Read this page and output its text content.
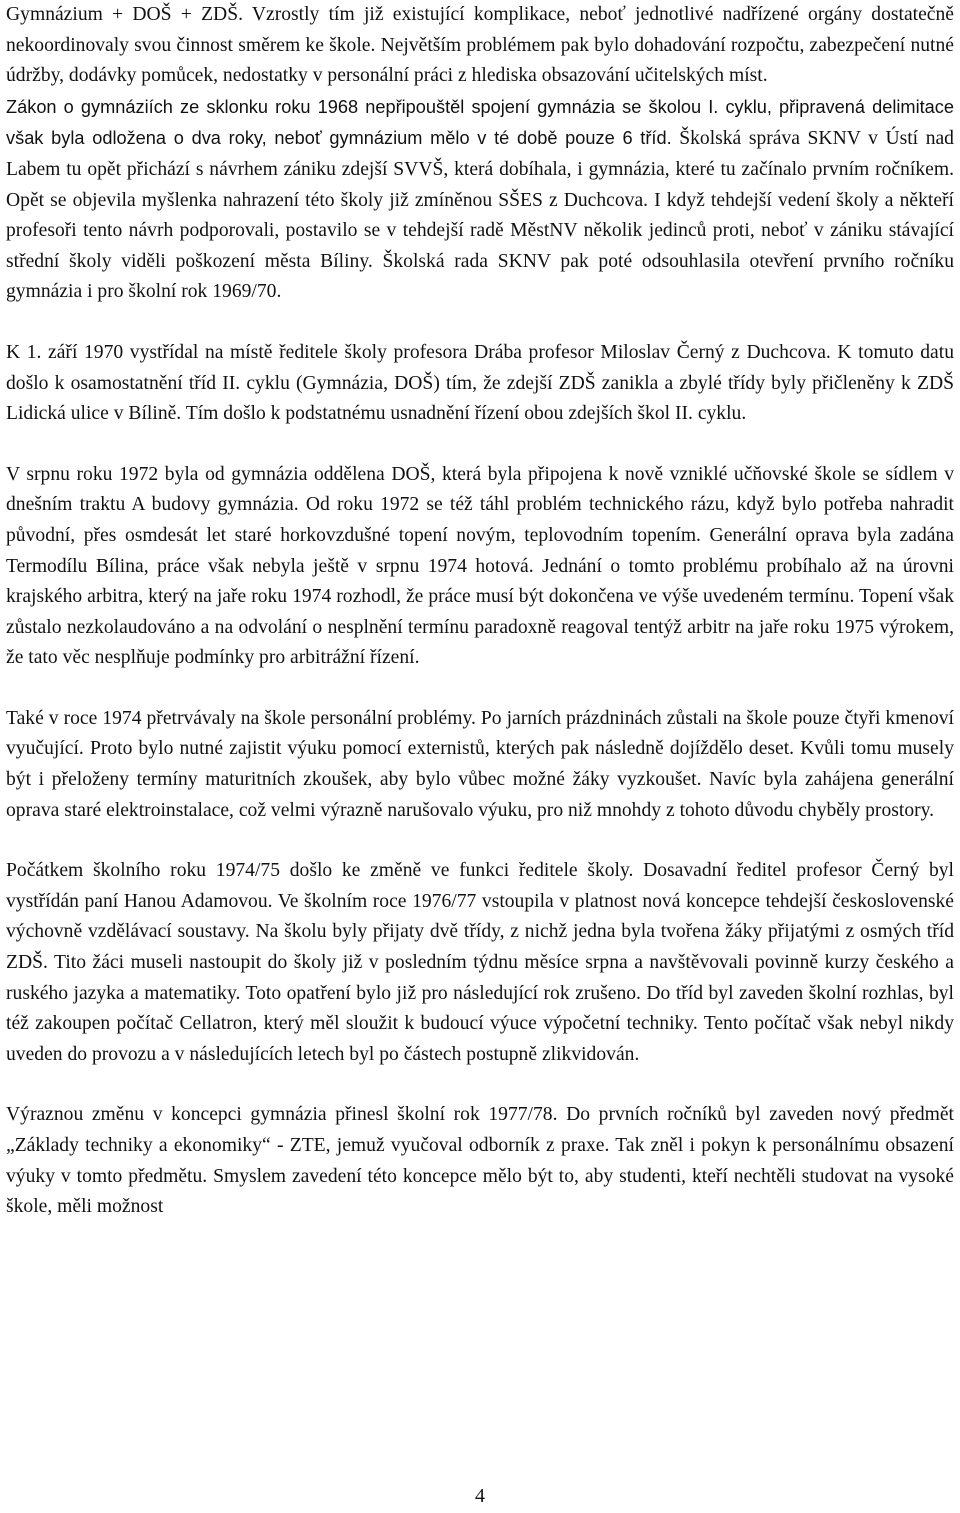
Gymnázium + DOŠ + ZDŠ. Vzrostly tím již existující komplikace, neboť jednotlivé nadřízené orgány dostatečně nekoordinovaly svou činnost směrem ke škole. Největším problémem pak bylo dohadování rozpočtu, zabezpečení nutné údržby, dodávky pomůcek, nedostatky v personální práci z hlediska obsazování učitelských míst.
Zákon o gymnáziích ze sklonku roku 1968 nepřipouštěl spojení gymnázia se školou I. cyklu, připravená delimitace však byla odložena o dva roky, neboť gymnázium mělo v té době pouze 6 tříd. Školská správa SKNV v Ústí nad Labem tu opět přichází s návrhem zániku zdejší SVVŠ, která dobíhala, i gymnázia, které tu začínalo prvním ročníkem. Opět se objevila myšlenka nahrazení této školy již zmíněnou SŠES z Duchcova. I když tehdejší vedení školy a někteří profesoři tento návrh podporovali, postavilo se v tehdejší radě MěstNV několik jedinců proti, neboť v zániku stávající střední školy viděli poškození města Bíliny. Školská rada SKNV pak poté odsouhlasila otevření prvního ročníku gymnázia i pro školní rok 1969/70.

K 1. září 1970 vystřídal na místě ředitele školy profesora Drába profesor Miloslav Černý z Duchcova. K tomuto datu došlo k osamostatnění tříd II. cyklu (Gymnázia, DOŠ) tím, že zdejší ZDŠ zanikla a zbylé třídy byly přičleněny k ZDŠ Lidická ulice v Bílině. Tím došlo k podstatnému usnadnění řízení obou zdejších škol II. cyklu.

V srpnu roku 1972 byla od gymnázia oddělena DOŠ, která byla připojena k nově vzniklé učňovské škole se sídlem v dnešním traktu A budovy gymnázia. Od roku 1972 se též táhl problém technického rázu, když bylo potřeba nahradit původní, přes osmdesát let staré horkovzdušné topení novým, teplovodním topením. Generální oprava byla zadána Termodílu Bílina, práce však nebyla ještě v srpnu 1974 hotová. Jednání o tomto problému probíhalo až na úrovni krajského arbitra, který na jaře roku 1974 rozhodl, že práce musí být dokončena ve výše uvedeném termínu. Topení však zůstalo nezkolaudováno a na odvolání o nesplnění termínu paradoxně reagoval tentýž arbitr na jaře roku 1975 výrokem, že tato věc nesplňuje podmínky pro arbitrážní řízení.

Také v roce 1974 přetrvávaly na škole personální problémy. Po jarních prázdninách zůstali na škole pouze čtyři kmenoví vyučující. Proto bylo nutné zajistit výuku pomocí externistů, kterých pak následně dojíždělo deset. Kvůli tomu musely být i přeloženy termíny maturitních zkoušek, aby bylo vůbec možné žáky vyzkoušet. Navíc byla zahájena generální oprava staré elektroinstalace, což velmi výrazně narušovalo výuku, pro niž mnohdy z tohoto důvodu chyběly prostory.

Počátkem školního roku 1974/75 došlo ke změně ve funkci ředitele školy. Dosavadní ředitel profesor Černý byl vystřídán paní Hanou Adamovou. Ve školním roce 1976/77 vstoupila v platnost nová koncepce tehdejší československé výchovně vzdělávací soustavy. Na školu byly přijaty dvě třídy, z nichž jedna byla tvořena žáky přijatými z osmých tříd ZDŠ. Tito žáci museli nastoupit do školy již v posledním týdnu měsíce srpna a navštěvovali povinně kurzy českého a ruského jazyka a matematiky. Toto opatření bylo již pro následující rok zrušeno. Do tříd byl zaveden školní rozhlas, byl též zakoupen počítač Cellatron, který měl sloužit k budoucí výuce výpočetní techniky. Tento počítač však nebyl nikdy uveden do provozu a v následujících letech byl po částech postupně zlikvidován.

Výraznou změnu v koncepci gymnázia přinesl školní rok 1977/78. Do prvních ročníků byl zaveden nový předmět „Základy techniky a ekonomiky“ - ZTE, jemuž vyučoval odborník z praxe. Tak zněl i pokyn k personálnímu obsazení výuky v tomto předmětu. Smyslem zavedení této koncepce mělo být to, aby studenti, kteří nechtěli studovat na vysoké škole, měli možnost

4
